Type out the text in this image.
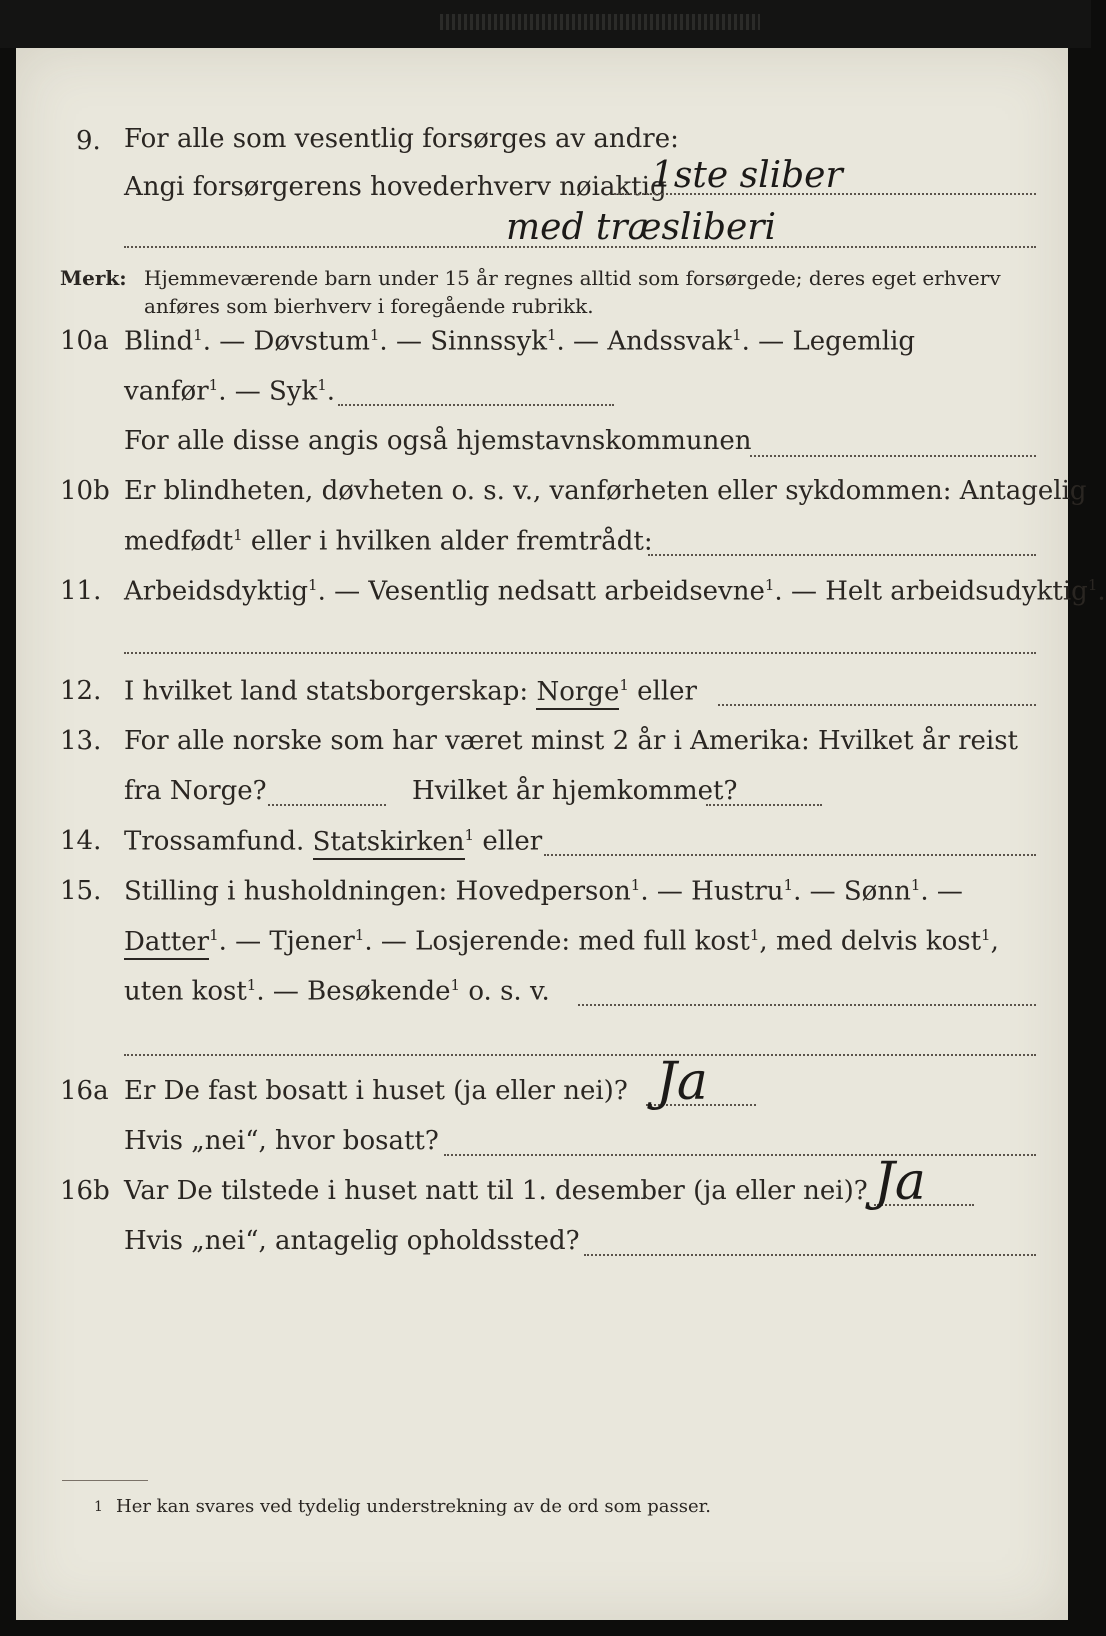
9. For alle som vesentlig forsørges av andre:
Angi forsørgerens hovederhverv nøiaktig
1ste sliber
med træsliberi
Merk: Hjemmeværende barn under 15 år regnes alltid som forsørgede; deres eget erhverv
anføres som bierhverv i foregående rubrikk.
10a Blind$^1$. — Døvstum$^1$. — Sinnssyk$^1$. — Andssvak$^1$. — Legemlig
vanfør$^1$. — Syk$^1$.
For alle disse angis også hjemstavnskommunen
10b Er blindheten, døvheten o. s. v., vanførheten eller sykdommen: Antagelig
medfødt$^1$ eller i hvilken alder fremtrådt:
11. Arbeidsdyktig$^1$. — Vesentlig nedsatt arbeidsevne$^1$. — Helt arbeidsudyktig$^1$.
12. I hvilket land statsborgerskap: Norge$^1$ eller
13. For alle norske som har været minst 2 år i Amerika: Hvilket år reist
fra Norge?	Hvilket år hjemkommet?
14. Trossamfund. Statskirken$^1$ eller
15. Stilling i husholdningen: Hovedperson$^1$. — Hustru$^1$. — Sønn$^1$. —
Datter$^1$. — Tjener$^1$. — Losjerende: med full kost$^1$, med delvis kost$^1$,
uten kost$^1$. — Besøkende$^1$ o. s. v.
16a Er De fast bosatt i huset (ja eller nei)? Ja
Hvis „nei“, hvor bosatt?
16b Var De tilstede i huset natt til 1. desember (ja eller nei)? Ja
Hvis „nei“, antagelig opholdssted?
1 Her kan svares ved tydelig understrekning av de ord som passer.
